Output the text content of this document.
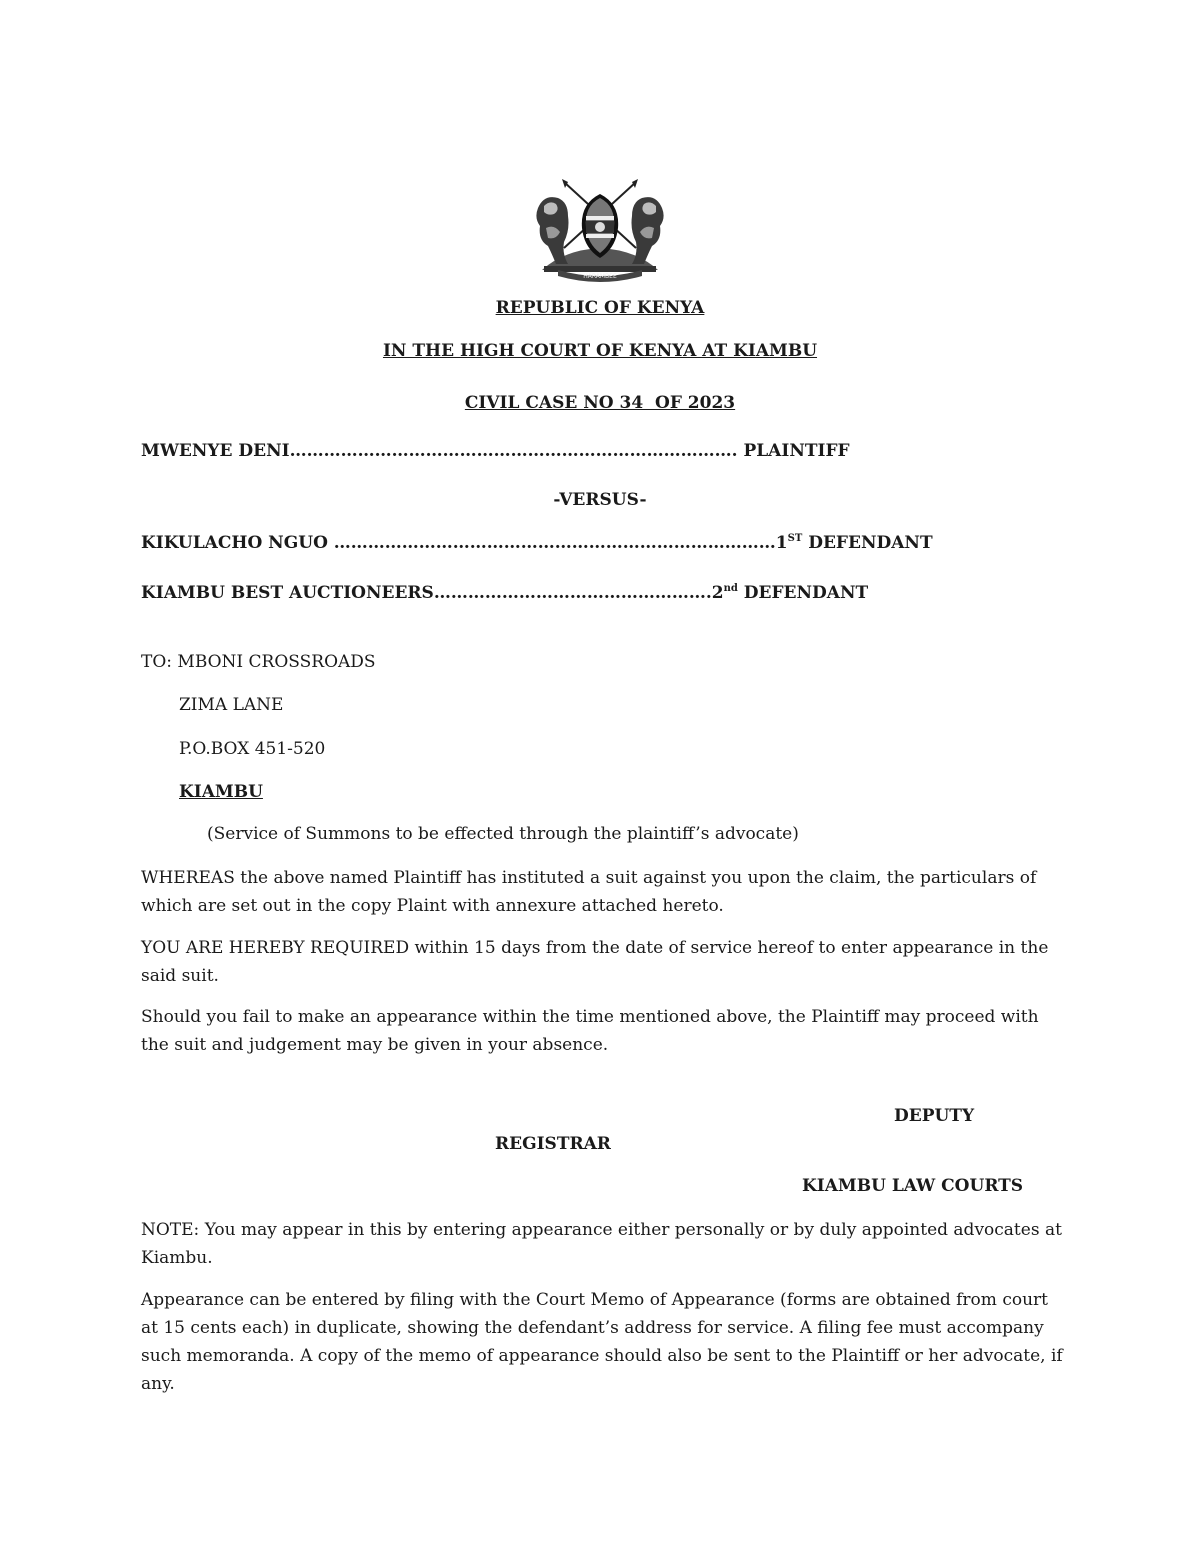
HARAMBEE
REPUBLIC OF KENYA
IN THE HIGH COURT OF KENYA AT KIAMBU
CIVIL CASE NO 34  OF 2023
MWENYE DENI……………………………………………………………………. PLAINTIFF
-VERSUS-
KIKULACHO NGUO ……………………………………………………………………1ST DEFENDANT
KIAMBU BEST AUCTIONEERS………………………………………….2nd DEFENDANT
TO: MBONI CROSSROADS
ZIMA LANE
P.O.BOX 451-520
KIAMBU
(Service of Summons to be effected through the plaintiff’s advocate)
WHEREAS the above named Plaintiff has instituted a suit against you upon the claim, the particulars of which are set out in the copy Plaint with annexure attached hereto.
YOU ARE HEREBY REQUIRED within 15 days from the date of service hereof to enter appearance in the said suit.
Should you fail to make an appearance within the time mentioned above, the Plaintiff may proceed with the suit and judgement may be given in your absence.
DEPUTY
REGISTRAR
KIAMBU LAW COURTS
NOTE: You may appear in this by entering appearance either personally or by duly appointed advocates at Kiambu.
Appearance can be entered by filing with the Court Memo of Appearance (forms are obtained from court at 15 cents each) in duplicate, showing the defendant’s address for service. A filing fee must accompany such memoranda. A copy of the memo of appearance should also be sent to the Plaintiff or her advocate, if any.
